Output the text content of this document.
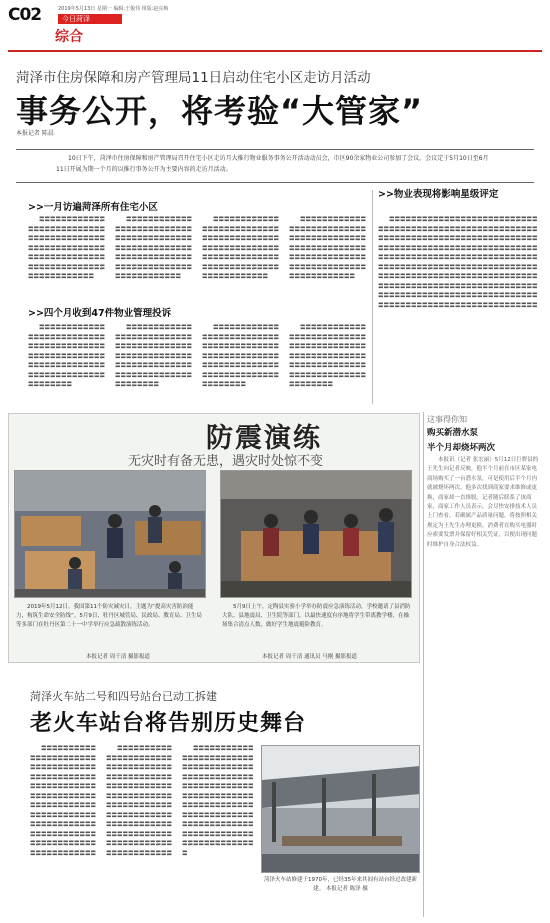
C02	2019年5月13日 星期一 编辑:王俊伟 组版:赵亮梅
今日菏泽
综合
菏泽市住房保障和房产管理局11日启动住宅小区走访月活动
事务公开，将考验“大管家”
本报记者 陈晨
10日下午，菏泽市住房保障和房产管理局召开住宅小区走访月大推行物业服务事务公开活动动员会，市区90余家物业公司参加了会议。会议定于5月10日至6月11日开展为期一个月的以推行事务公开为主要内容的走访月活动。
>>一月访遍菏泽所有住宅小区
>>物业表现将影响星级评定
>>四个月收到47件物业管理投诉
〓〓〓〓〓〓〓〓〓〓〓〓〓〓〓〓〓〓〓〓〓〓〓〓〓〓〓〓〓〓〓〓〓〓〓〓〓〓〓〓〓〓〓〓〓〓〓〓〓〓〓〓〓〓〓〓〓〓〓〓〓〓〓〓〓〓〓〓〓〓〓〓〓〓〓〓〓〓〓〓〓〓〓〓〓〓〓〓〓〓〓〓〓〓
〓〓〓〓〓〓〓〓〓〓〓〓〓〓〓〓〓〓〓〓〓〓〓〓〓〓〓〓〓〓〓〓〓〓〓〓〓〓〓〓〓〓〓〓〓〓〓〓〓〓〓〓〓〓〓〓〓〓〓〓〓〓〓〓〓〓〓〓〓〓〓〓〓〓〓〓〓〓〓〓〓〓〓〓〓〓〓〓〓〓〓〓〓〓
〓〓〓〓〓〓〓〓〓〓〓〓〓〓〓〓〓〓〓〓〓〓〓〓〓〓〓〓〓〓〓〓〓〓〓〓〓〓〓〓〓〓〓〓〓〓〓〓〓〓〓〓〓〓〓〓〓〓〓〓〓〓〓〓〓〓〓〓〓〓〓〓〓〓〓〓〓〓〓〓〓〓〓〓〓〓〓〓〓〓〓〓〓〓
〓〓〓〓〓〓〓〓〓〓〓〓〓〓〓〓〓〓〓〓〓〓〓〓〓〓〓〓〓〓〓〓〓〓〓〓〓〓〓〓〓〓〓〓〓〓〓〓〓〓〓〓〓〓〓〓〓〓〓〓〓〓〓〓〓〓〓〓〓〓〓〓〓〓〓〓〓〓〓〓〓〓〓〓〓〓〓〓〓〓〓〓〓〓
〓〓〓〓〓〓〓〓〓〓〓〓〓〓〓〓〓〓〓〓〓〓〓〓〓〓〓〓〓〓〓〓〓〓〓〓〓〓〓〓〓〓〓〓〓〓〓〓〓〓〓〓〓〓〓〓〓〓〓〓〓〓〓〓〓〓〓〓〓〓〓〓〓〓〓〓〓〓〓〓〓〓〓〓〓〓〓〓〓〓
〓〓〓〓〓〓〓〓〓〓〓〓〓〓〓〓〓〓〓〓〓〓〓〓〓〓〓〓〓〓〓〓〓〓〓〓〓〓〓〓〓〓〓〓〓〓〓〓〓〓〓〓〓〓〓〓〓〓〓〓〓〓〓〓〓〓〓〓〓〓〓〓〓〓〓〓〓〓〓〓〓〓〓〓〓〓〓〓〓〓
〓〓〓〓〓〓〓〓〓〓〓〓〓〓〓〓〓〓〓〓〓〓〓〓〓〓〓〓〓〓〓〓〓〓〓〓〓〓〓〓〓〓〓〓〓〓〓〓〓〓〓〓〓〓〓〓〓〓〓〓〓〓〓〓〓〓〓〓〓〓〓〓〓〓〓〓〓〓〓〓〓〓〓〓〓〓〓〓〓〓
〓〓〓〓〓〓〓〓〓〓〓〓〓〓〓〓〓〓〓〓〓〓〓〓〓〓〓〓〓〓〓〓〓〓〓〓〓〓〓〓〓〓〓〓〓〓〓〓〓〓〓〓〓〓〓〓〓〓〓〓〓〓〓〓〓〓〓〓〓〓〓〓〓〓〓〓〓〓〓〓〓〓〓〓〓〓〓〓〓〓
〓〓〓〓〓〓〓〓〓〓〓〓〓〓〓〓〓〓〓〓〓〓〓〓〓〓〓〓〓〓〓〓〓〓〓〓〓〓〓〓〓〓〓〓〓〓〓〓〓〓〓〓〓〓〓〓〓〓〓〓〓〓〓〓〓〓〓〓〓〓〓〓〓〓〓〓〓〓〓〓〓〓〓〓〓〓〓〓〓〓〓〓〓〓〓〓〓〓〓〓〓〓〓〓〓〓〓〓〓〓〓〓〓〓〓〓〓〓〓〓〓〓〓〓〓〓〓〓〓〓〓〓〓〓〓〓〓〓〓〓〓〓〓〓〓〓〓〓〓〓〓〓〓〓〓〓〓〓〓〓〓〓〓〓〓〓〓〓〓〓〓〓〓〓〓〓〓〓〓〓〓〓〓〓〓〓〓〓〓〓〓〓〓〓〓〓〓〓〓〓〓〓〓〓〓〓〓〓〓〓〓〓〓〓〓〓〓〓〓〓〓〓〓〓〓〓〓〓〓〓〓〓〓〓〓〓〓〓〓〓〓〓〓〓〓〓〓〓〓〓〓〓〓〓〓〓〓〓〓〓〓〓〓〓〓〓〓〓〓〓〓〓〓〓〓〓〓〓〓〓〓〓〓〓〓〓〓〓
防震演练
无灾时有备无患，遇灾时处惊不变
2019年5月12日，我国第11个防灾减灾日，主题为“提高灾害防治能力，构筑生命安全防线”。5月9日，牡丹区城管局、民政局、教育局、卫生局等多部门在牡丹区第二十一中学举行应急疏散演练活动。
本报记者 周千清 摄影报道
5月9日上午，定陶县实验小学举办防震应急演练活动，学校邀请了县消防大队、县地震局、卫生院等部门，以最快速度有序地将学生带离教学楼，在操场集合清点人数，做好学生地震避险教育。
本报记者 周千清 通讯员 马刚 摄影报道
这事得你知
购买新潜水泵
半个月却烧坏两次
本报讯（记者 张宏丽）5月12日巨野县的王先生向记者反映，他半个月前在市区某家电商场购买了一台潜水泵，可是使用后半个月内就被烧坏两次。他多次找到商家要求维修或更换，商家却一直推脱。记者随后联系了该商家，商家工作人员表示，会尽快安排技术人员上门查看，若确属产品质量问题，将按照相关规定为王先生办理更换。消费者在购买电器时应索要发票并保留好相关凭证，以便出现问题时维护自身合法权益。
菏泽火车站二号和四号站台已动工拆建
老火车站台将告别历史舞台
〓〓〓〓〓〓〓〓〓〓〓〓〓〓〓〓〓〓〓〓〓〓〓〓〓〓〓〓〓〓〓〓〓〓〓〓〓〓〓〓〓〓〓〓〓〓〓〓〓〓〓〓〓〓〓〓〓〓〓〓〓〓〓〓〓〓〓〓〓〓〓〓〓〓〓〓〓〓〓〓〓〓〓〓〓〓〓〓〓〓〓〓〓〓〓〓〓〓〓〓〓〓〓〓〓〓〓〓〓〓〓〓〓〓〓〓〓〓〓〓〓〓〓〓〓〓〓〓〓〓〓〓〓〓〓〓〓〓〓〓〓〓
〓〓〓〓〓〓〓〓〓〓〓〓〓〓〓〓〓〓〓〓〓〓〓〓〓〓〓〓〓〓〓〓〓〓〓〓〓〓〓〓〓〓〓〓〓〓〓〓〓〓〓〓〓〓〓〓〓〓〓〓〓〓〓〓〓〓〓〓〓〓〓〓〓〓〓〓〓〓〓〓〓〓〓〓〓〓〓〓〓〓〓〓〓〓〓〓〓〓〓〓〓〓〓〓〓〓〓〓〓〓〓〓〓〓〓〓〓〓〓〓〓〓〓〓〓〓〓〓〓〓〓〓〓〓〓〓〓〓〓〓〓〓
〓〓〓〓〓〓〓〓〓〓〓〓〓〓〓〓〓〓〓〓〓〓〓〓〓〓〓〓〓〓〓〓〓〓〓〓〓〓〓〓〓〓〓〓〓〓〓〓〓〓〓〓〓〓〓〓〓〓〓〓〓〓〓〓〓〓〓〓〓〓〓〓〓〓〓〓〓〓〓〓〓〓〓〓〓〓〓〓〓〓〓〓〓〓〓〓〓〓〓〓〓〓〓〓〓〓〓〓〓〓〓〓〓〓〓〓〓〓〓〓〓〓〓〓〓〓〓〓〓〓〓〓〓〓〓〓〓〓〓〓〓〓
菏泽火车站修建于1970年，已经35年来其间有站台经过改建新建。 本报记者 陈泽 摄
